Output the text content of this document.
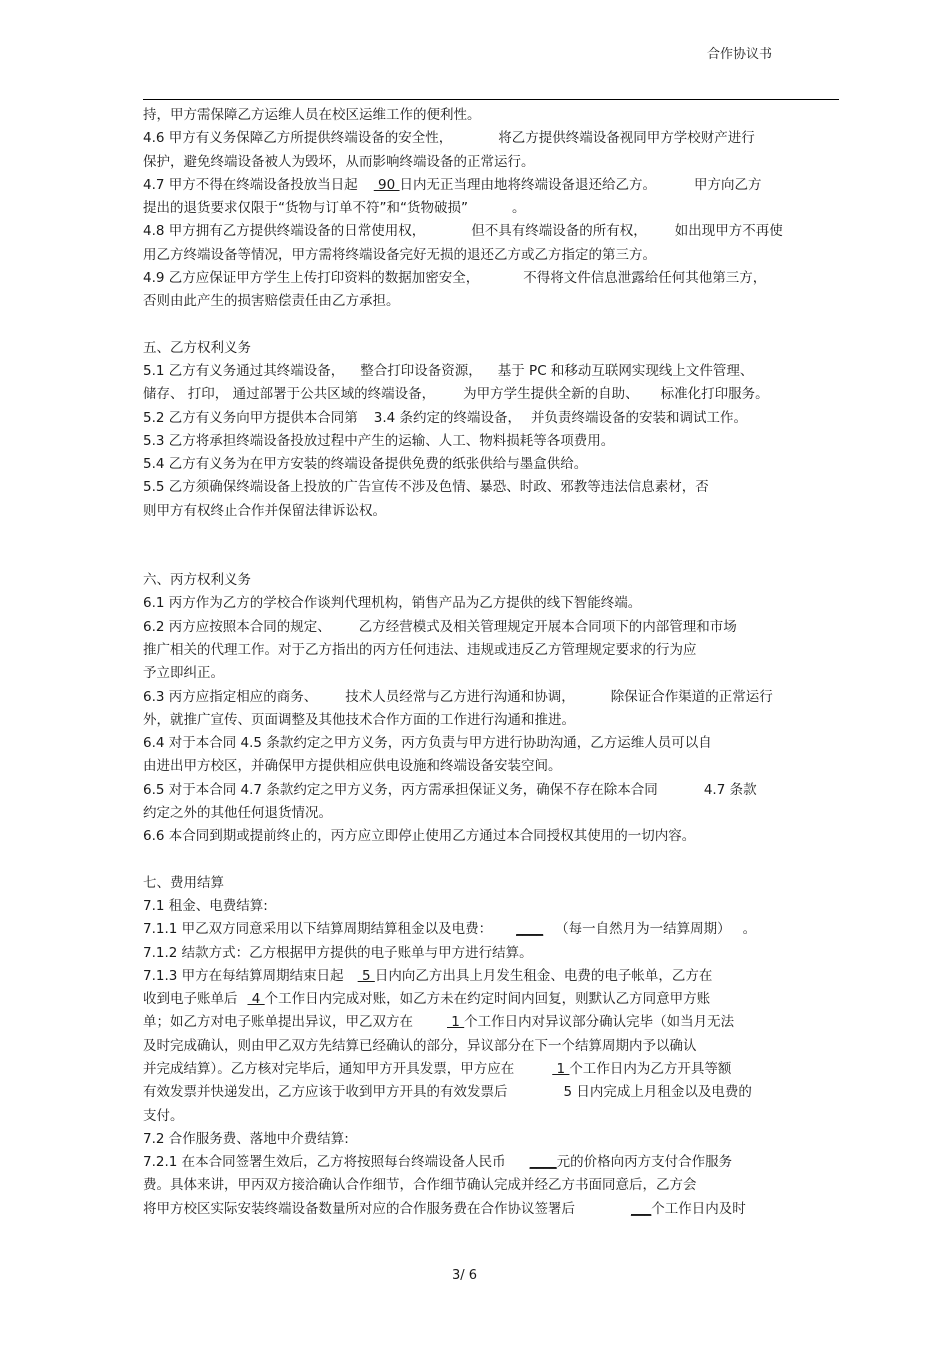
合作协议书

持，甲方需保障乙方运维人员在校区运维工作的便利性。

4.6 甲方有义务保障乙方所提供终端设备的安全性，	将乙方提供终端设备视同甲方学校财产进行

保护，避免终端设备被人为毁坏，从而影响终端设备的正常运行。

4.7 甲方不得在终端设备投放当日起 90 日内无正当理由地将终端设备退还给乙方。	甲方向乙方

提出的退货要求仅限于“货物与订单不符”和“货物破损”	。

4.8 甲方拥有乙方提供终端设备的日常使用权，	但不具有终端设备的所有权， 如出现甲方不再使

用乙方终端设备等情况，甲方需将终端设备完好无损的退还乙方或乙方指定的第三方。

4.9 乙方应保证甲方学生上传打印资料的数据加密安全，	不得将文件信息泄露给任何其他第三方，

否则由此产生的损害赔偿责任由乙方承担。

五、乙方权利义务

5.1 乙方有义务通过其终端设备， 整合打印设备资源， 基于 PC 和移动互联网实现线上文件管理、

储存、 打印， 通过部署于公共区域的终端设备， 为甲方学生提供全新的自助、 标准化打印服务。

5.2 乙方有义务向甲方提供本合同第 3.4 条约定的终端设备， 并负责终端设备的安装和调试工作。

5.3 乙方将承担终端设备投放过程中产生的运输、人工、物料损耗等各项费用。

5.4 乙方有义务为在甲方安装的终端设备提供免费的纸张供给与墨盒供给。

5.5 乙方须确保终端设备上投放的广告宣传不涉及色情、暴恐、时政、邪教等违法信息素材，否

则甲方有权终止合作并保留法律诉讼权。

六、丙方权利义务

6.1 丙方作为乙方的学校合作谈判代理机构，销售产品为乙方提供的线下智能终端。

6.2 丙方应按照本合同的规定、 乙方经营模式及相关管理规定开展本合同项下的内部管理和市场

推广相关的代理工作。对于乙方指出的丙方任何违法、违规或违反乙方管理规定要求的行为应

予立即纠正。

6.3 丙方应指定相应的商务、 技术人员经常与乙方进行沟通和协调，	除保证合作渠道的正常运行

外，就推广宣传、页面调整及其他技术合作方面的工作进行沟通和推进。

6.4 对于本合同 4.5 条款约定之甲方义务，丙方负责与甲方进行协助沟通，乙方运维人员可以自

由进出甲方校区，并确保甲方提供相应供电设施和终端设备安装空间。

6.5 对于本合同 4.7 条款约定之甲方义务，丙方需承担保证义务，确保不存在除本合同	4.7 条款

约定之外的其他任何退货情况。

6.6 本合同到期或提前终止的，丙方应立即停止使用乙方通过本合同授权其使用的一切内容。

七、费用结算

7.1 租金、电费结算:

7.1.1 甲乙双方同意采用以下结算周期结算租金以及电费： ____ （每一自然月为一结算周期） 。

7.1.2 结款方式：乙方根据甲方提供的电子账单与甲方进行结算。

7.1.3 甲方在每结算周期结束日起 5 日内向乙方出具上月发生租金、电费的电子帐单，乙方在

收到电子账单后 4 个工作日内完成对账，如乙方未在约定时间内回复，则默认乙方同意甲方账

单；如乙方对电子账单提出异议，甲乙双方在	1 个工作日内对异议部分确认完毕（如当月无法

及时完成确认，则由甲乙双方先结算已经确认的部分，异议部分在下一个结算周期内予以确认

并完成结算）。乙方核对完毕后，通知甲方开具发票，甲方应在	1 个工作日内为乙方开具等额

有效发票并快递发出，乙方应该于收到甲方开具的有效发票后	5 日内完成上月租金以及电费的

支付。

7.2 合作服务费、落地中介费结算:

7.2.1 在本合同签署生效后，乙方将按照每台终端设备人民币 ____元的价格向丙方支付合作服务

费。具体来讲，甲丙双方接洽确认合作细节，合作细节确认完成并经乙方书面同意后，乙方会

将甲方校区实际安装终端设备数量所对应的合作服务费在合作协议签署后	___个工作日内及时

3/ 6
